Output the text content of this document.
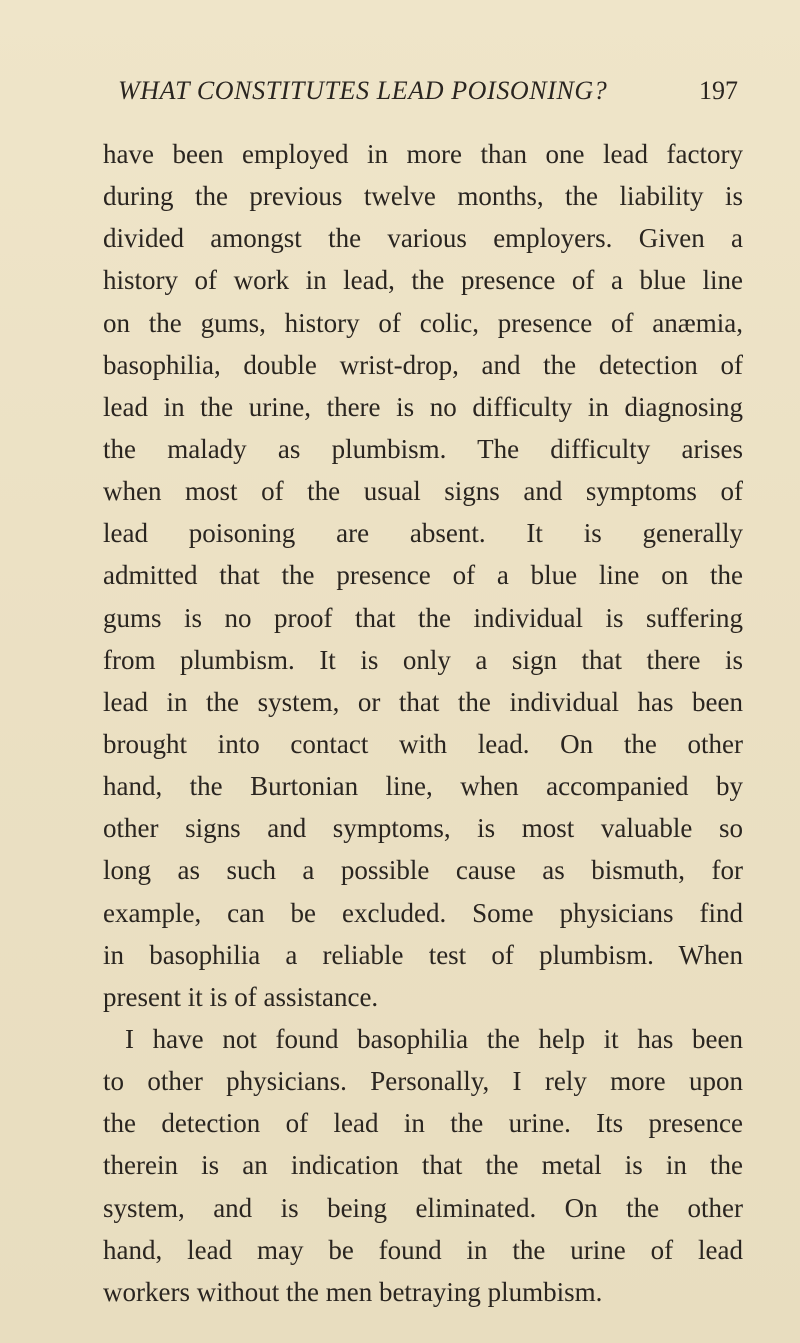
WHAT CONSTITUTES LEAD POISONING?	197
have been employed in more than one lead factory
during the previous twelve months, the liability is
divided amongst the various employers. Given a
history of work in lead, the presence of a blue line
on the gums, history of colic, presence of anæmia,
basophilia, double wrist-drop, and the detection of
lead in the urine, there is no difficulty in diagnosing
the malady as plumbism. The difficulty arises
when most of the usual signs and symptoms of
lead poisoning are absent. It is generally
admitted that the presence of a blue line on the
gums is no proof that the individual is suffering
from plumbism. It is only a sign that there is
lead in the system, or that the individual has been
brought into contact with lead. On the other
hand, the Burtonian line, when accompanied by
other signs and symptoms, is most valuable so
long as such a possible cause as bismuth, for
example, can be excluded. Some physicians find
in basophilia a reliable test of plumbism. When
present it is of assistance.
I have not found basophilia the help it has been
to other physicians. Personally, I rely more upon
the detection of lead in the urine. Its presence
therein is an indication that the metal is in the
system, and is being eliminated. On the other
hand, lead may be found in the urine of lead
workers without the men betraying plumbism.
